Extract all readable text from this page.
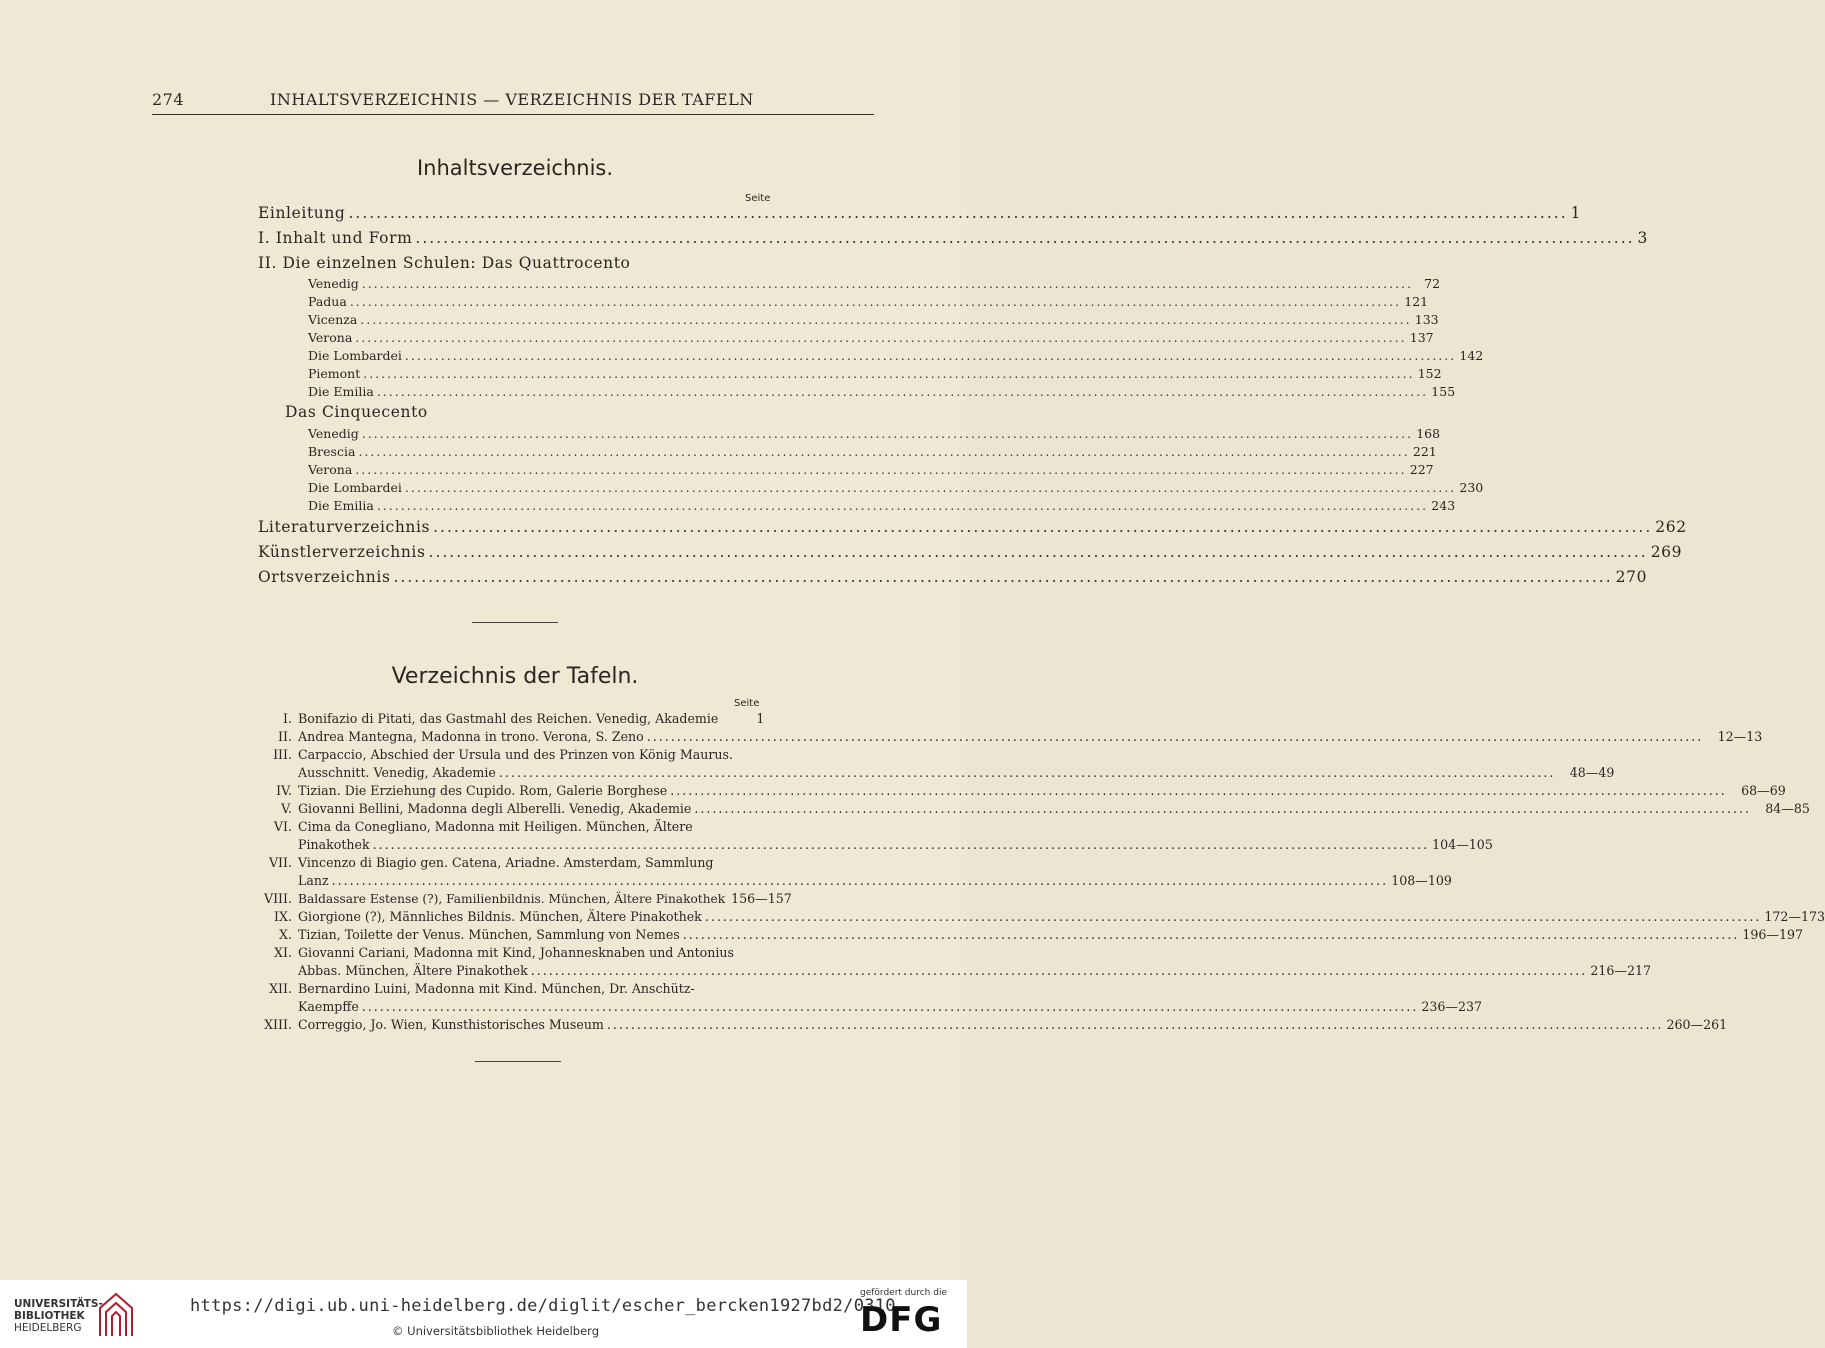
274	INHALTSVERZEICHNIS — VERZEICHNIS DER TAFELN
Inhaltsverzeichnis.
Seite
Einleitung .....	1
I. Inhalt und Form .....	3
II. Die einzelnen Schulen: Das Quattrocento
Venedig .....	72
Padua .....	121
Vicenza .....	133
Verona .....	137
Die Lombardei .....	142
Piemont .....	152
Die Emilia .....	155
Das Cinquecento
Venedig .....	168
Brescia .....	221
Verona .....	227
Die Lombardei .....	230
Die Emilia .....	243
Literaturverzeichnis .....	262
Künstlerverzeichnis .....	269
Ortsverzeichnis .....	270
Verzeichnis der Tafeln.
Seite
I. Bonifazio di Pitati, das Gastmahl des Reichen. Venedig, Akademie	1
II. Andrea Mantegna, Madonna in trono. Verona, S. Zeno .....	12—13
III. Carpaccio, Abschied der Ursula und des Prinzen von König Maurus.
Ausschnitt. Venedig, Akademie .....	48—49
IV. Tizian. Die Erziehung des Cupido. Rom, Galerie Borghese .....	68—69
V. Giovanni Bellini, Madonna degli Alberelli. Venedig, Akademie .....	84—85
VI. Cima da Conegliano, Madonna mit Heiligen. München, Ältere
Pinakothek .....	104—105
VII. Vincenzo di Biagio gen. Catena, Ariadne. Amsterdam, Sammlung
Lanz .....	108—109
VIII. Baldassare Estense (?), Familienbildnis. München, Ältere Pinakothek 156—157
IX. Giorgione (?), Männliches Bildnis. München, Ältere Pinakothek .....	172—173
X. Tizian, Toilette der Venus. München, Sammlung von Nemes .....	196—197
XI. Giovanni Cariani, Madonna mit Kind, Johannesknaben und Antonius
Abbas. München, Ältere Pinakothek .....	216—217
XII. Bernardino Luini, Madonna mit Kind. München, Dr. Anschütz-
Kaempffe .....	236—237
XIII. Correggio, Jo. Wien, Kunsthistorisches Museum .....	260—261
UNIVERSITÄTS-
BIBLIOTHEK
HEIDELBERG
https://digi.ub.uni-heidelberg.de/diglit/escher_bercken1927bd2/0310
© Universitätsbibliothek Heidelberg
gefördert durch die
DFG
